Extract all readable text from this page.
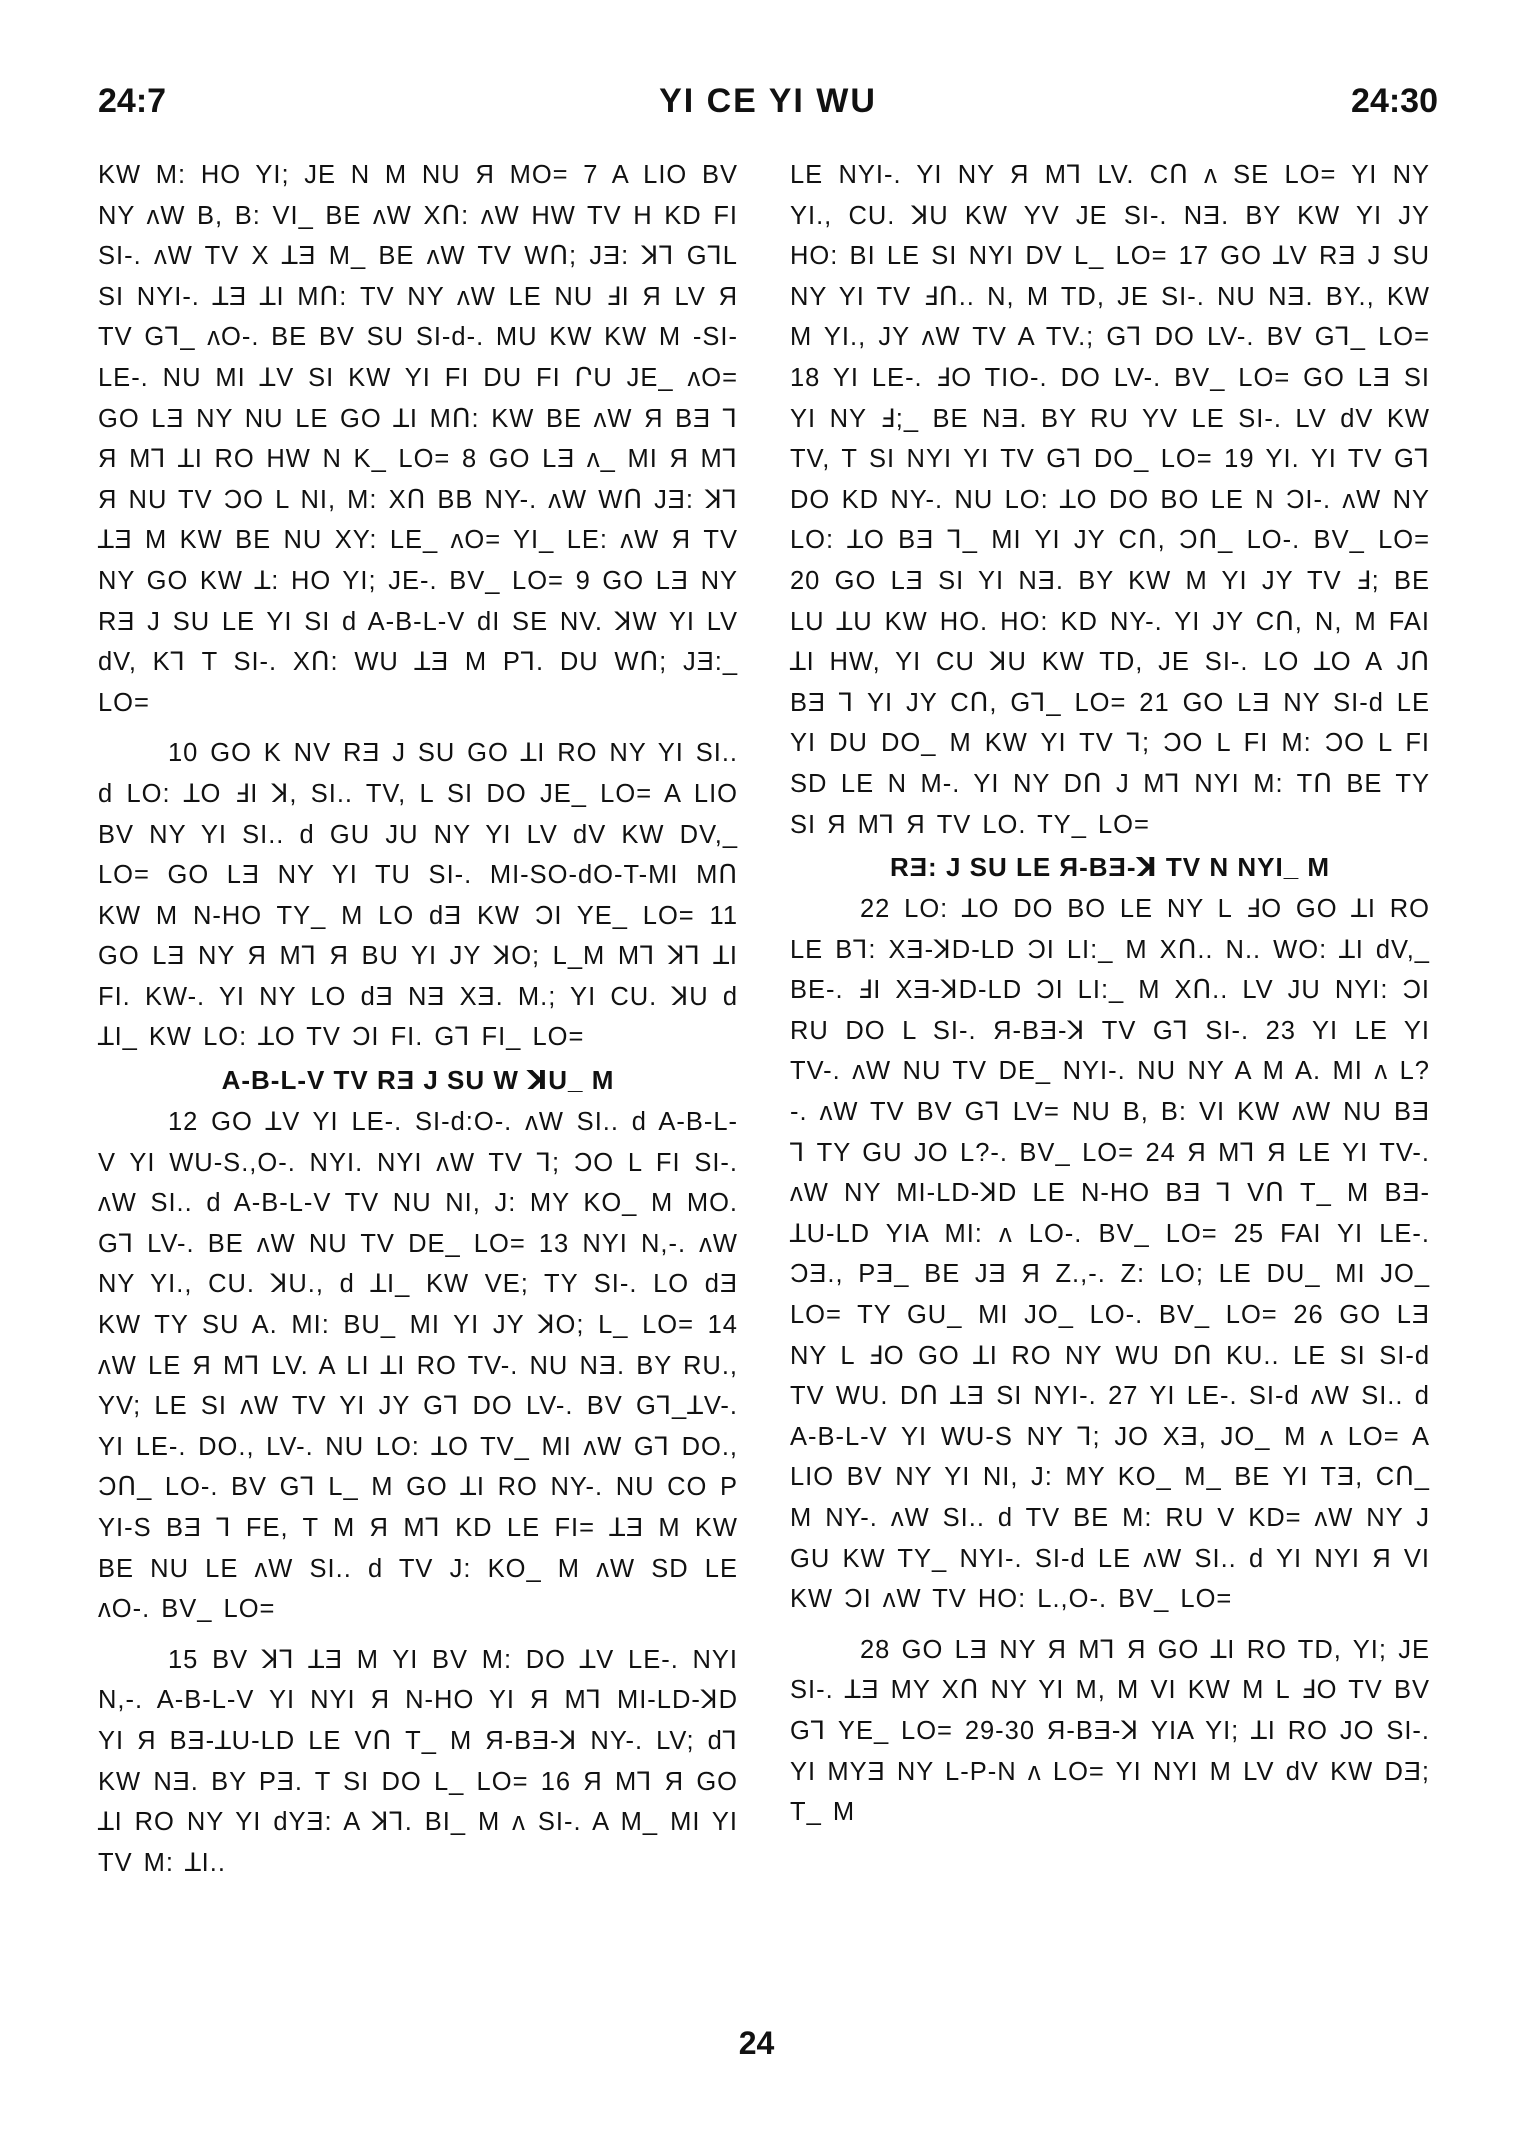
24:7	YI CE YI WU	24:30

KW M: HO YI; JE N M NU Я MO= 7 A LIO BV NY ʌW B, B: VI_ BE ʌW XՈ: ʌW HW TV H KD FI SI-. ʌW TV X ꓕƎ M_ BE ʌW TV WՈ; JƎ: ꓘꓶ GꓶL SI NYI-. ꓕƎ ꓕI MՈ: TV NY ʌW LE NU ꓞI Я LV Я TV Gꓶ_ ʌO-. BE BV SU SI-d-. MU KW KW M -SI- LE-. NU MI ꓕV SI KW YI FI DU FI ՐU JE_ ʌO= GO LƎ NY NU LE GO ꓕI MՈ: KW BE ʌW Я BƎ ꓶ Я Mꓶ ꓕI RO HW N K_ LO= 8 GO LƎ ʌ_ MI Я Mꓶ Я NU TV ƆO L NI, M: XՈ BB NY-. ʌW WՈ JƎ: ꓘꓶ ꓕƎ M KW BE NU XY: LE_ ʌO= YI_ LE: ʌW Я TV NY GO KW ꓕ: HO YI; JE-. BV_ LO= 9 GO LƎ NY RƎ J SU LE YI SI d A-B-L-V dI SE NV. ꓘW YI LV dV, Kꓶ T SI-. XՈ: WU ꓕƎ M Pꓶ. DU WՈ; JƎ:_ LO=

10 GO K NV RƎ J SU GO ꓕI RO NY YI SI.. d LO: ꓕO ꓞI ꓘ, SI.. TV, L SI DO JE_ LO= A LIO BV NY YI SI.. d GU JU NY YI LV dV KW DV,_ LO= GO LƎ NY YI TU SI-. MI-SO-dO-T-MI MՈ KW M N-HO TY_ M LO dƎ KW ƆI YE_ LO= 11 GO LƎ NY Я Mꓶ Я BU YI JY ꓘO; L_M Mꓶ ꓘꓶ ꓕI FI. KW-. YI NY LO dƎ NƎ XƎ. M.; YI CU. ꓘU d ꓕI_ KW LO: ꓕO TV ƆI FI. Gꓶ FI_ LO=

A-B-L-V TV RƎ J SU W ꓘU_ M

12 GO ꓕV YI LE-. SI-d:O-. ʌW SI.. d A-B-L-V YI WU-S.,O-. NYI. NYI ʌW TV ꓶ; ƆO L FI SI-. ʌW SI.. d A-B-L-V TV NU NI, J: MY KO_ M MO. Gꓶ LV-. BE ʌW NU TV DE_ LO= 13 NYI N,-. ʌW NY YI., CU. ꓘU., d ꓕI_ KW VE; TY SI-. LO dƎ KW TY SU A. MI: BU_ MI YI JY ꓘO; L_ LO= 14 ʌW LE Я Mꓶ LV. A LI ꓕI RO TV-. NU NƎ. BY RU., YV; LE SI ʌW TV YI JY Gꓶ DO LV-. BV Gꓶ_ꓕV-. YI LE-. DO., LV-. NU LO: ꓕO TV_ MI ʌW Gꓶ DO., ƆՈ_ LO-. BV Gꓶ L_ M GO ꓕI RO NY-. NU CO P YI-S BƎ ꓶ FE, T M Я Mꓶ KD LE FI= ꓕƎ M KW BE NU LE ʌW SI.. d TV J: KO_ M ʌW SD LE ʌO-. BV_ LO=

15 BV ꓘꓶ ꓕƎ M YI BV M: DO ꓕV LE-. NYI N,-. A-B-L-V YI NYI Я N-HO YI Я Mꓶ MI-LD-ꓘD YI Я BƎ-ꓕU-LD LE VՈ T_ M Я-BƎ-ꓘ NY-. LV; dꓶ KW NƎ. BY PƎ. T SI DO L_ LO= 16 Я Mꓶ Я GO ꓕI RO NY YI dYƎ: A ꓘꓶ. BI_ M ʌ SI-. A M_ MI YI TV M: ꓕI..

LE NYI-. YI NY Я Mꓶ LV. CՈ ʌ SE LO= YI NY YI., CU. ꓘU KW YV JE SI-. NƎ. BY KW YI JY HO: BI LE SI NYI DV L_ LO= 17 GO ꓕV RƎ J SU NY YI TV ꓞՈ.. N, M TD, JE SI-. NU NƎ. BY., KW M YI., JY ʌW TV A TV.; Gꓶ DO LV-. BV Gꓶ_ LO= 18 YI LE-. ꓞO TIO-. DO LV-. BV_ LO= GO LƎ SI YI NY ꓞ;_ BE NƎ. BY RU YV LE SI-. LV dV KW TV, T SI NYI YI TV Gꓶ DO_ LO= 19 YI. YI TV Gꓶ DO KD NY-. NU LO: ꓕO DO BO LE N ƆI-. ʌW NY LO: ꓕO BƎ ꓶ_ MI YI JY CՈ, ƆՈ_ LO-. BV_ LO= 20 GO LƎ SI YI NƎ. BY KW M YI JY TV ꓞ; BE LU ꓕU KW HO. HO: KD NY-. YI JY CՈ, N, M FAI ꓕI HW, YI CU ꓘU KW TD, JE SI-. LO ꓕO A JՈ BƎ ꓶ YI JY CՈ, Gꓶ_ LO= 21 GO LƎ NY SI-d LE YI DU DO_ M KW YI TV ꓶ; ƆO L FI M: ƆO L FI SD LE N M-. YI NY DՈ J Mꓶ NYI M: TՈ BE TY SI Я Mꓶ Я TV LO. TY_ LO=

RƎ: J SU LE Я-BƎ-ꓘ TV N NYI_ M

22 LO: ꓕO DO BO LE NY L ꓞO GO ꓕI RO LE Bꓶ: XƎ-ꓘD-LD ƆI LI:_ M XՈ.. N.. WO: ꓕI dV,_ BE-. ꓞI XƎ-ꓘD-LD ƆI LI:_ M XՈ.. LV JU NYI: ƆI RU DO L SI-. Я-BƎ-ꓘ TV Gꓶ SI-. 23 YI LE YI TV-. ʌW NU TV DE_ NYI-. NU NY A M A. MI ʌ L?-. ʌW TV BV Gꓶ LV= NU B, B: VI KW ʌW NU BƎ ꓶ TY GU JO L?-. BV_ LO= 24 Я Mꓶ Я LE YI TV-. ʌW NY MI-LD-ꓘD LE N-HO BƎ ꓶ VՈ T_ M BƎ-ꓕU-LD YIA MI: ʌ LO-. BV_ LO= 25 FAI YI LE-. ƆƎ., PƎ_ BE JƎ Я Z.,-. Z: LO; LE DU_ MI JO_ LO= TY GU_ MI JO_ LO-. BV_ LO= 26 GO LƎ NY L ꓞO GO ꓕI RO NY WU DՈ KU.. LE SI SI-d TV WU. DՈ ꓕƎ SI NYI-. 27 YI LE-. SI-d ʌW SI.. d A-B-L-V YI WU-S NY ꓶ; JO XƎ, JO_ M ʌ LO= A LIO BV NY YI NI, J: MY KO_ M_ BE YI TƎ, CՈ_ M NY-. ʌW SI.. d TV BE M: RU V KD= ʌW NY J GU KW TY_ NYI-. SI-d LE ʌW SI.. d YI NYI Я VI KW ƆI ʌW TV HO: L.,O-. BV_ LO=

28 GO LƎ NY Я Mꓶ Я GO ꓕI RO TD, YI; JE SI-. ꓕƎ MY XՈ NY YI M, M VI KW M L ꓞO TV BV Gꓶ YE_ LO= 29-30 Я-BƎ-ꓘ YIA YI; ꓕI RO JO SI-. YI MYƎ NY L-P-N ʌ LO= YI NYI M LV dV KW DƎ; T_ M

24
